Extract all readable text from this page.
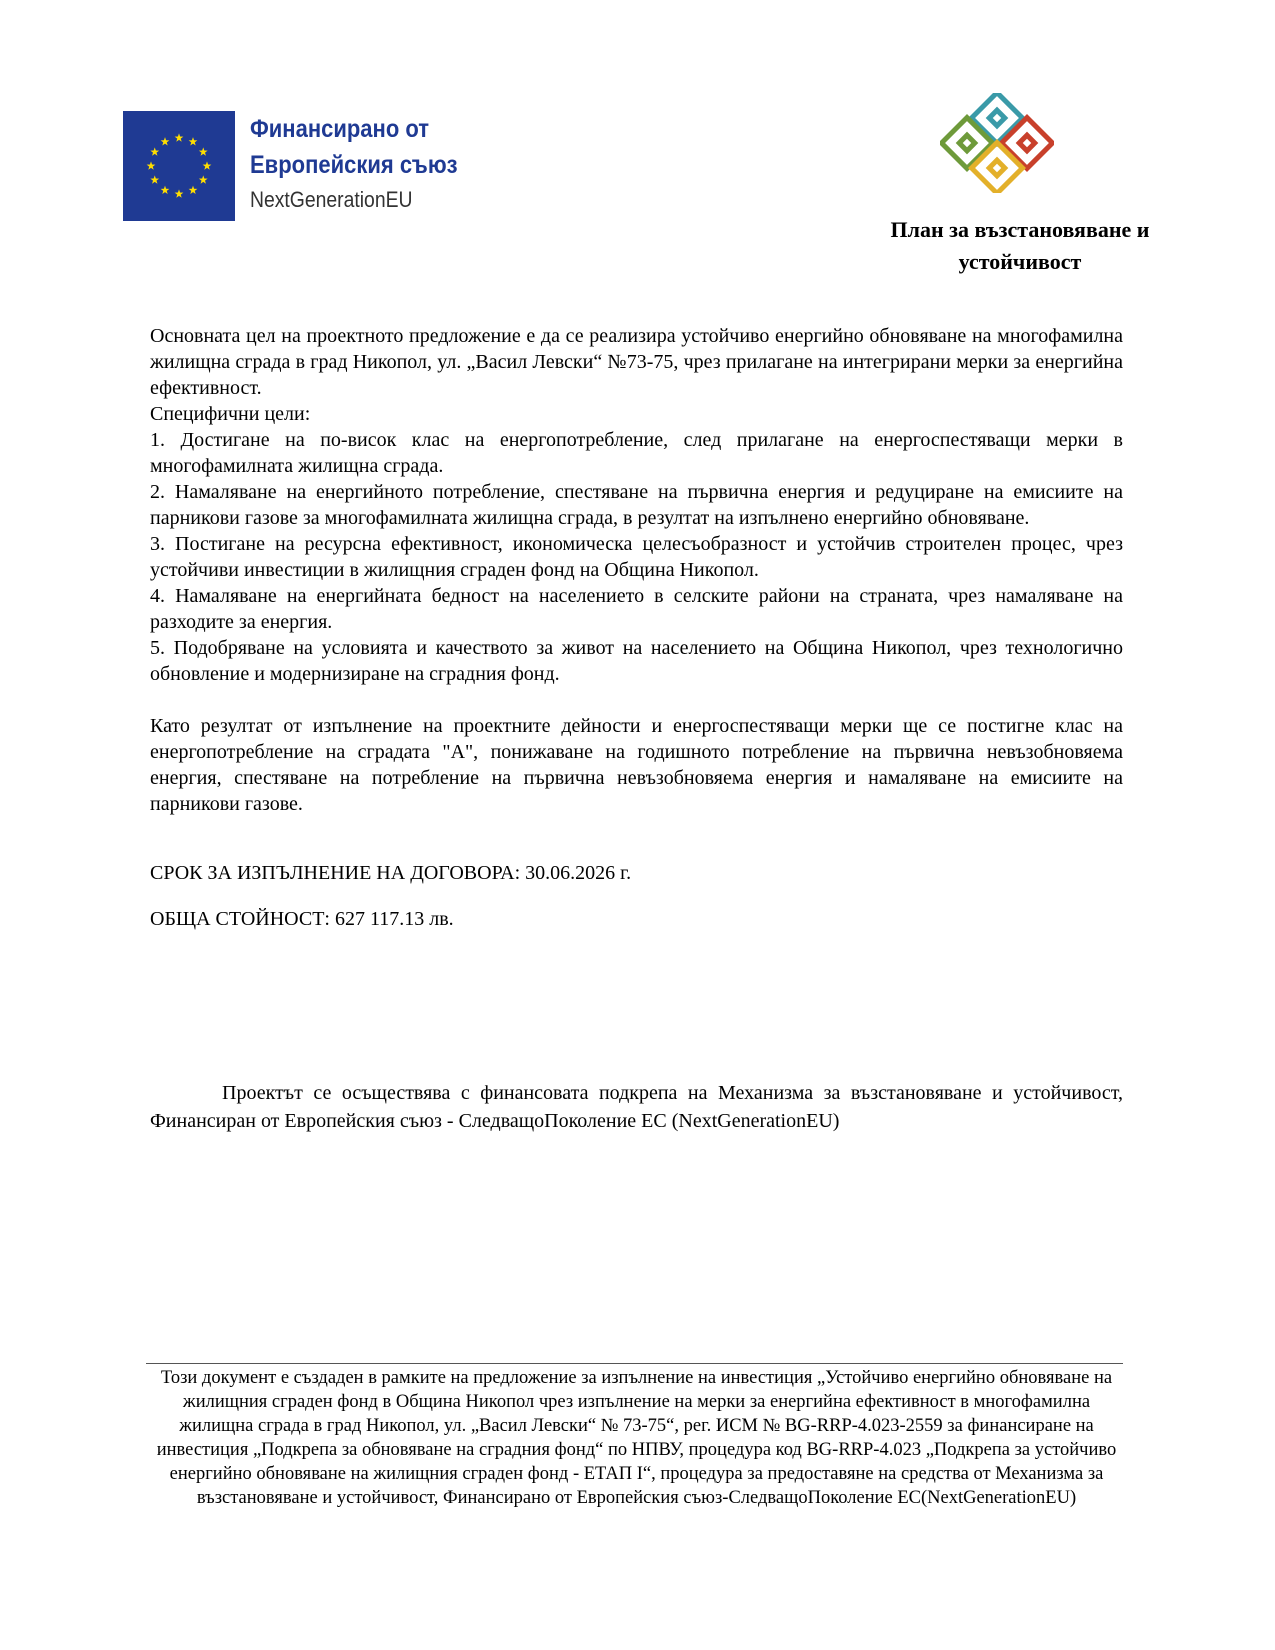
Финансирано от
Европейския съюз
NextGenerationEU
План за възстановяване и
устойчивост

Основната цел на проектното предложение е да се реализира устойчиво енергийно обновяване на многофамилна жилищна сграда в град Никопол, ул. „Васил Левски“ №73-75, чрез прилагане на интегрирани мерки за енергийна ефективност.

Специфични цели:

1. Достигане на по-висок клас на енергопотребление, след прилагане на енергоспестяващи мерки в многофамилната жилищна сграда.

2. Намаляване на енергийното потребление, спестяване на първична енергия и редуциране на емисиите на парникови газове за многофамилната жилищна сграда, в резултат на изпълнено енергийно обновяване.

3. Постигане на ресурсна ефективност, икономическа целесъобразност и устойчив строителен процес, чрез устойчиви инвестиции в жилищния сграден фонд на Община Никопол.

4. Намаляване на енергийната бедност на населението в селските райони на страната, чрез намаляване на разходите за енергия.

5. Подобряване на условията и качеството за живот на населението на Община Никопол, чрез технологично обновление и модернизиране на сградния фонд.

Като резултат от изпълнение на проектните дейности и енергоспестяващи мерки ще се постигне клас на енергопотребление на сградата "А", понижаване на годишното потребление на първична невъзобновяема енергия, спестяване на потребление на първична невъзобновяема енергия и намаляване на емисиите на парникови газове.

СРОК ЗА ИЗПЪЛНЕНИЕ НА ДОГОВОРА: 30.06.2026 г.
ОБЩА СТОЙНОСТ: 627 117.13 лв.
Проектът се осъществява с финансовата подкрепа на Механизма за възстановяване и устойчивост, Финансиран от Европейския съюз - СледващоПоколение ЕС (NextGenerationEU)
Този документ е създаден в рамките на предложение за изпълнение на инвестиция „Устойчиво енергийно обновяване на жилищния сграден фонд в Община Никопол чрез изпълнение на мерки за енергийна ефективност в многофамилна жилищна сграда в град Никопол, ул. „Васил Левски“ № 73-75“, рег. ИСМ № BG-RRP-4.023-2559 за финансиране на инвестиция „Подкрепа за обновяване на сградния фонд“ по НПВУ, процедура код BG-RRP-4.023 „Подкрепа за устойчиво енергийно обновяване на жилищния сграден фонд - ЕТАП I“, процедура за предоставяне на средства от Механизма за възстановяване и устойчивост, Финансирано от Европейския съюз-СледващоПоколение ЕС(NextGenerationEU)
